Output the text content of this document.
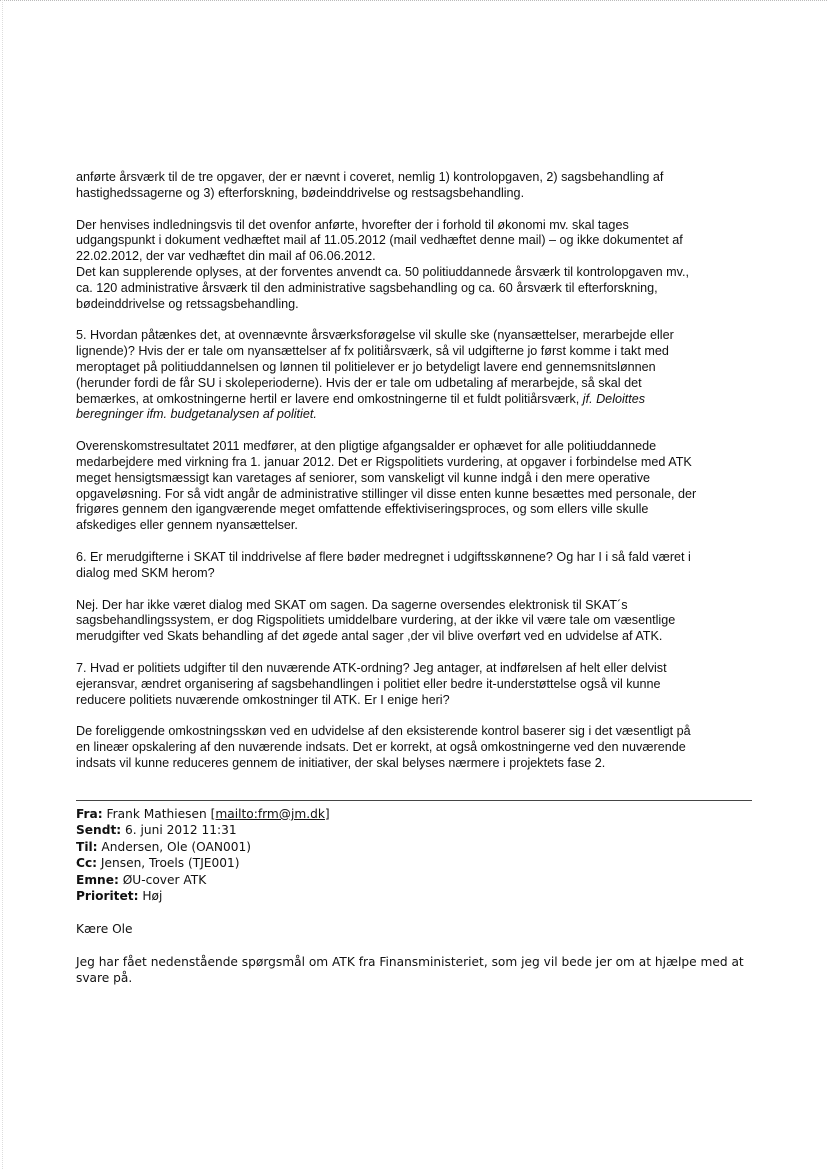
anførte årsværk til de tre opgaver, der er nævnt i coveret, nemlig 1) kontrolopgaven, 2) sagsbehandling af
hastighedssagerne og 3) efterforskning, bødeinddrivelse og restsagsbehandling.

Der henvises indledningsvis til det ovenfor anførte, hvorefter der i forhold til økonomi mv. skal tages
udgangspunkt i dokument vedhæftet mail af 11.05.2012 (mail vedhæftet denne mail) – og ikke dokumentet af
22.02.2012, der var vedhæftet din mail af 06.06.2012.

Det kan supplerende oplyses, at der forventes anvendt ca. 50 politiuddannede årsværk til kontrolopgaven mv.,
ca. 120 administrative årsværk til den administrative sagsbehandling og ca. 60 årsværk til efterforskning,
bødeinddrivelse og retssagsbehandling.

5. Hvordan påtænkes det, at ovennævnte årsværksforøgelse vil skulle ske (nyansættelser, merarbejde eller
lignende)? Hvis der er tale om nyansættelser af fx politiårsværk, så vil udgifterne jo først komme i takt med
meroptaget på politiuddannelsen og lønnen til politielever er jo betydeligt lavere end gennemsnitslønnen
(herunder fordi de får SU i skoleperioderne). Hvis der er tale om udbetaling af merarbejde, så skal det
bemærkes, at omkostningerne hertil er lavere end omkostningerne til et fuldt politiårsværk, jf. Deloittes
beregninger ifm. budgetanalysen af politiet.

Overenskomstresultatet 2011 medfører, at den pligtige afgangsalder er ophævet for alle politiuddannede
medarbejdere med virkning fra 1. januar 2012. Det er Rigspolitiets vurdering, at opgaver i forbindelse med ATK
meget hensigtsmæssigt kan varetages af seniorer, som vanskeligt vil kunne indgå i den mere operative
opgaveløsning. For så vidt angår de administrative stillinger vil disse enten kunne besættes med personale, der
frigøres gennem den igangværende meget omfattende effektiviseringsproces, og som ellers ville skulle
afskediges eller gennem nyansættelser.

6. Er merudgifterne i SKAT til inddrivelse af flere bøder medregnet i udgiftsskønnene? Og har I i så fald været i
dialog med SKM herom?

Nej. Der har ikke været dialog med SKAT om sagen. Da sagerne oversendes elektronisk til SKAT´s
sagsbehandlingssystem, er dog Rigspolitiets umiddelbare vurdering, at der ikke vil være tale om væsentlige
merudgifter ved Skats behandling af det øgede antal sager ,der vil blive overført ved en udvidelse af ATK.

7. Hvad er politiets udgifter til den nuværende ATK-ordning? Jeg antager, at indførelsen af helt eller delvist
ejeransvar, ændret organisering af sagsbehandlingen i politiet eller bedre it-understøttelse også vil kunne
reducere politiets nuværende omkostninger til ATK. Er I enige heri?

De foreliggende omkostningsskøn ved en udvidelse af den eksisterende kontrol baserer sig i det væsentligt på
en lineær opskalering af den nuværende indsats. Det er korrekt, at også omkostningerne ved den nuværende
indsats vil kunne reduceres gennem de initiativer, der skal belyses nærmere i projektets fase 2.

Fra: Frank Mathiesen [mailto:frm@jm.dk]

Sendt: 6. juni 2012 11:31

Til: Andersen, Ole (OAN001)

Cc: Jensen, Troels (TJE001)

Emne: ØU-cover ATK

Prioritet: Høj

Kære Ole

Jeg har fået nedenstående spørgsmål om ATK fra Finansministeriet, som jeg vil bede jer om at hjælpe med at
svare på.
